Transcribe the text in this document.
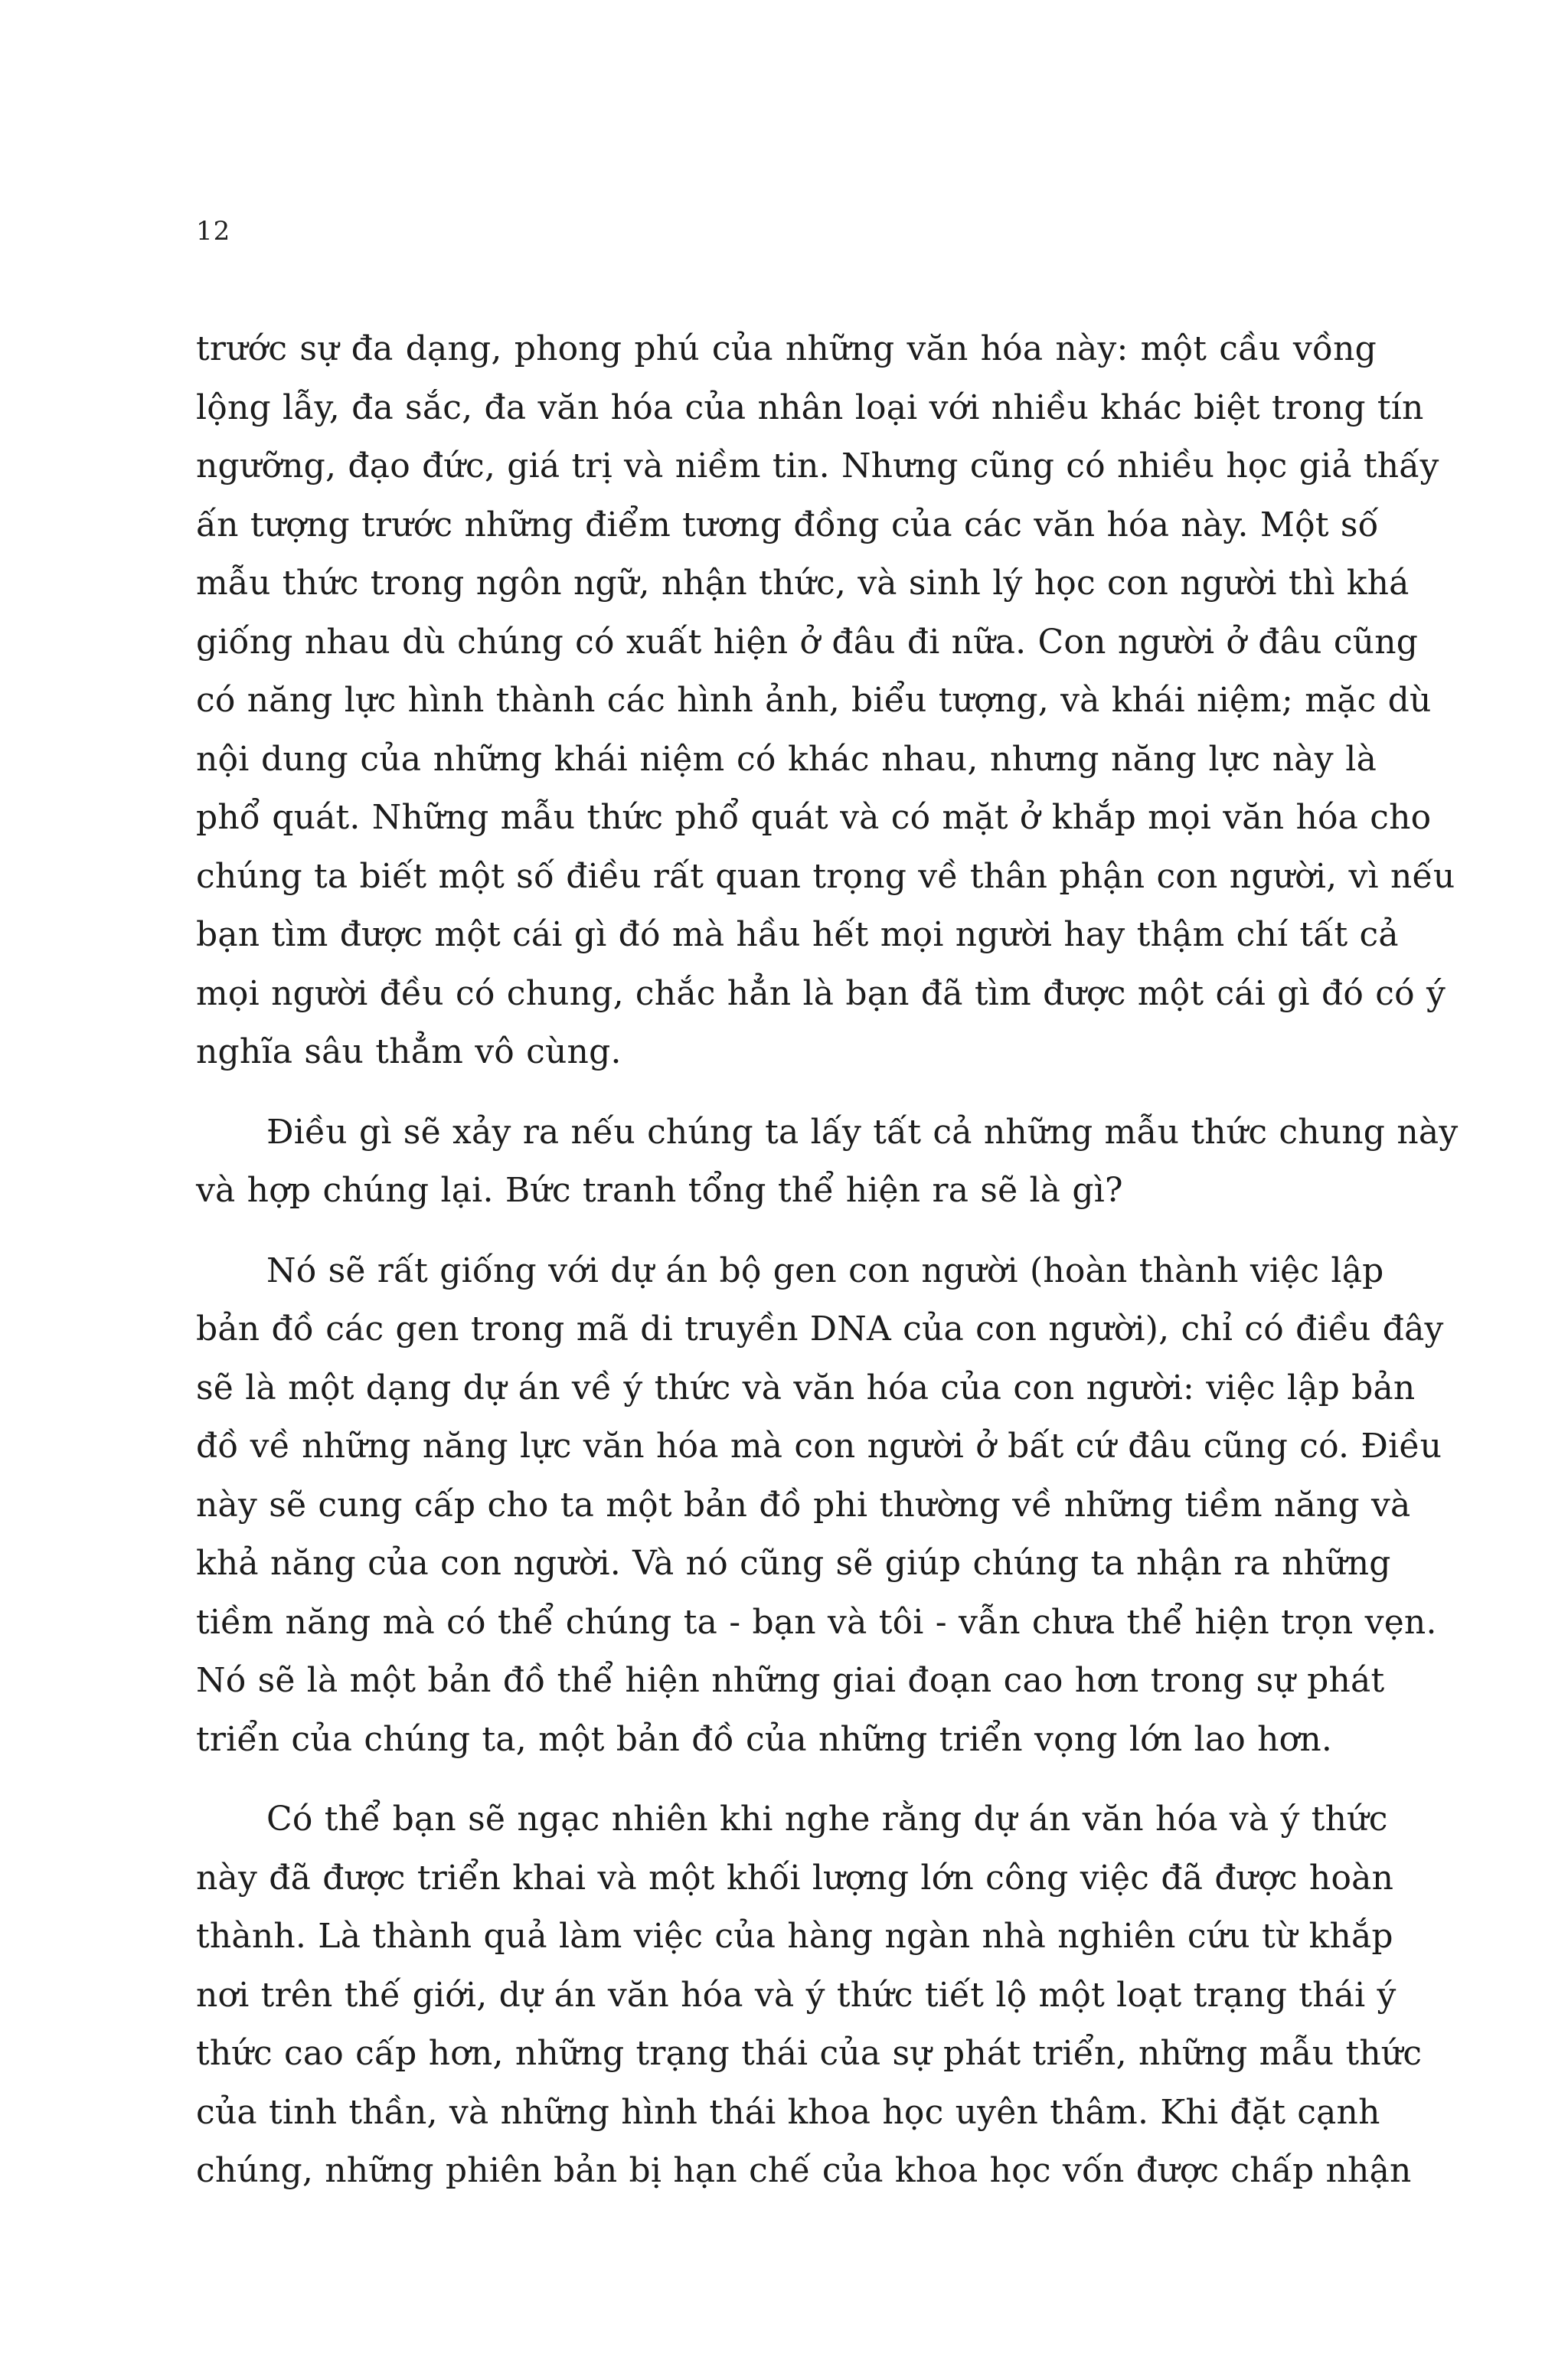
12

trước sự đa dạng, phong phú của những văn hóa này: một cầu vồng
lộng lẫy, đa sắc, đa văn hóa của nhân loại với nhiều khác biệt trong tín
ngưỡng, đạo đức, giá trị và niềm tin. Nhưng cũng có nhiều học giả thấy
ấn tượng trước những điểm tương đồng của các văn hóa này. Một số
mẫu thức trong ngôn ngữ, nhận thức, và sinh lý học con người thì khá
giống nhau dù chúng có xuất hiện ở đâu đi nữa. Con người ở đâu cũng
có năng lực hình thành các hình ảnh, biểu tượng, và khái niệm; mặc dù
nội dung của những khái niệm có khác nhau, nhưng năng lực này là
phổ quát. Những mẫu thức phổ quát và có mặt ở khắp mọi văn hóa cho
chúng ta biết một số điều rất quan trọng về thân phận con người, vì nếu
bạn tìm được một cái gì đó mà hầu hết mọi người hay thậm chí tất cả
mọi người đều có chung, chắc hẳn là bạn đã tìm được một cái gì đó có ý
nghĩa sâu thẳm vô cùng.

Điều gì sẽ xảy ra nếu chúng ta lấy tất cả những mẫu thức chung này
và hợp chúng lại. Bức tranh tổng thể hiện ra sẽ là gì?

Nó sẽ rất giống với dự án bộ gen con người (hoàn thành việc lập
bản đồ các gen trong mã di truyền DNA của con người), chỉ có điều đây
sẽ là một dạng dự án về ý thức và văn hóa của con người: việc lập bản
đồ về những năng lực văn hóa mà con người ở bất cứ đâu cũng có. Điều
này sẽ cung cấp cho ta một bản đồ phi thường về những tiềm năng và
khả năng của con người. Và nó cũng sẽ giúp chúng ta nhận ra những
tiềm năng mà có thể chúng ta - bạn và tôi - vẫn chưa thể hiện trọn vẹn.
Nó sẽ là một bản đồ thể hiện những giai đoạn cao hơn trong sự phát
triển của chúng ta, một bản đồ của những triển vọng lớn lao hơn.

Có thể bạn sẽ ngạc nhiên khi nghe rằng dự án văn hóa và ý thức
này đã được triển khai và một khối lượng lớn công việc đã được hoàn
thành. Là thành quả làm việc của hàng ngàn nhà nghiên cứu từ khắp
nơi trên thế giới, dự án văn hóa và ý thức tiết lộ một loạt trạng thái ý
thức cao cấp hơn, những trạng thái của sự phát triển, những mẫu thức
của tinh thần, và những hình thái khoa học uyên thâm. Khi đặt cạnh
chúng, những phiên bản bị hạn chế của khoa học vốn được chấp nhận
